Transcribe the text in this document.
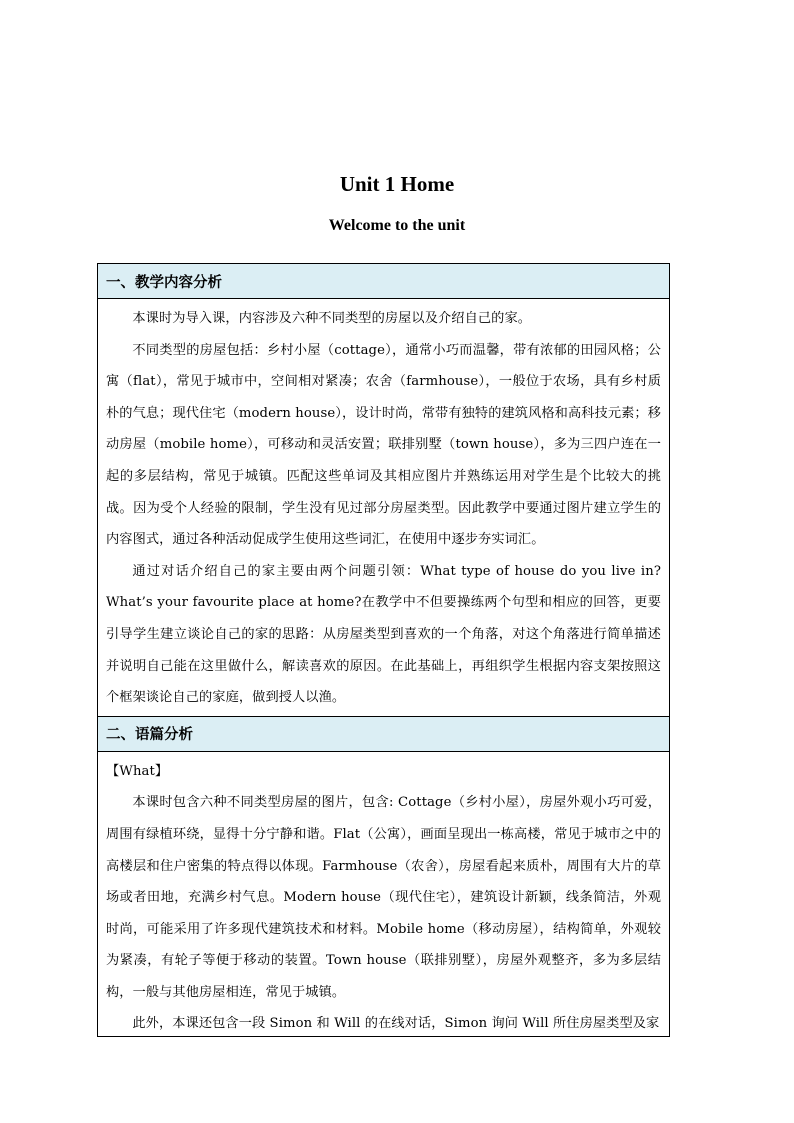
Unit 1 Home
Welcome to the unit
一、教学内容分析

本课时为导入课，内容涉及六种不同类型的房屋以及介绍自己的家。

不同类型的房屋包括：乡村小屋（cottage），通常小巧而温馨，带有浓郁的田园风格；公寓（flat），常见于城市中，空间相对紧凑；农舍（farmhouse），一般位于农场，具有乡村质朴的气息；现代住宅（modern house），设计时尚，常带有独特的建筑风格和高科技元素；移动房屋（mobile home），可移动和灵活安置；联排别墅（town house），多为三四户连在一起的多层结构，常见于城镇。匹配这些单词及其相应图片并熟练运用对学生是个比较大的挑战。因为受个人经验的限制，学生没有见过部分房屋类型。因此教学中要通过图片建立学生的内容图式，通过各种活动促成学生使用这些词汇，在使用中逐步夯实词汇。

通过对话介绍自己的家主要由两个问题引领：What type of house do you live in? What’s your favourite place at home?在教学中不但要操练两个句型和相应的回答，更要引导学生建立谈论自己的家的思路：从房屋类型到喜欢的一个角落，对这个角落进行简单描述并说明自己能在这里做什么，解读喜欢的原因。在此基础上，再组织学生根据内容支架按照这个框架谈论自己的家庭，做到授人以渔。

二、语篇分析

【What】

本课时包含六种不同类型房屋的图片，包含: Cottage（乡村小屋），房屋外观小巧可爱，周围有绿植环绕，显得十分宁静和谐。Flat（公寓），画面呈现出一栋高楼，常见于城市之中的高楼层和住户密集的特点得以体现。Farmhouse（农舍），房屋看起来质朴，周围有大片的草场或者田地，充满乡村气息。Modern house（现代住宅），建筑设计新颖，线条简洁，外观时尚，可能采用了许多现代建筑技术和材料。Mobile home（移动房屋），结构简单，外观较为紧凑，有轮子等便于移动的装置。Town house（联排别墅），房屋外观整齐，多为多层结构，一般与其他房屋相连，常见于城镇。

此外，本课还包含一段 Simon 和 Will 的在线对话，Simon 询问 Will 所住房屋类型及家
